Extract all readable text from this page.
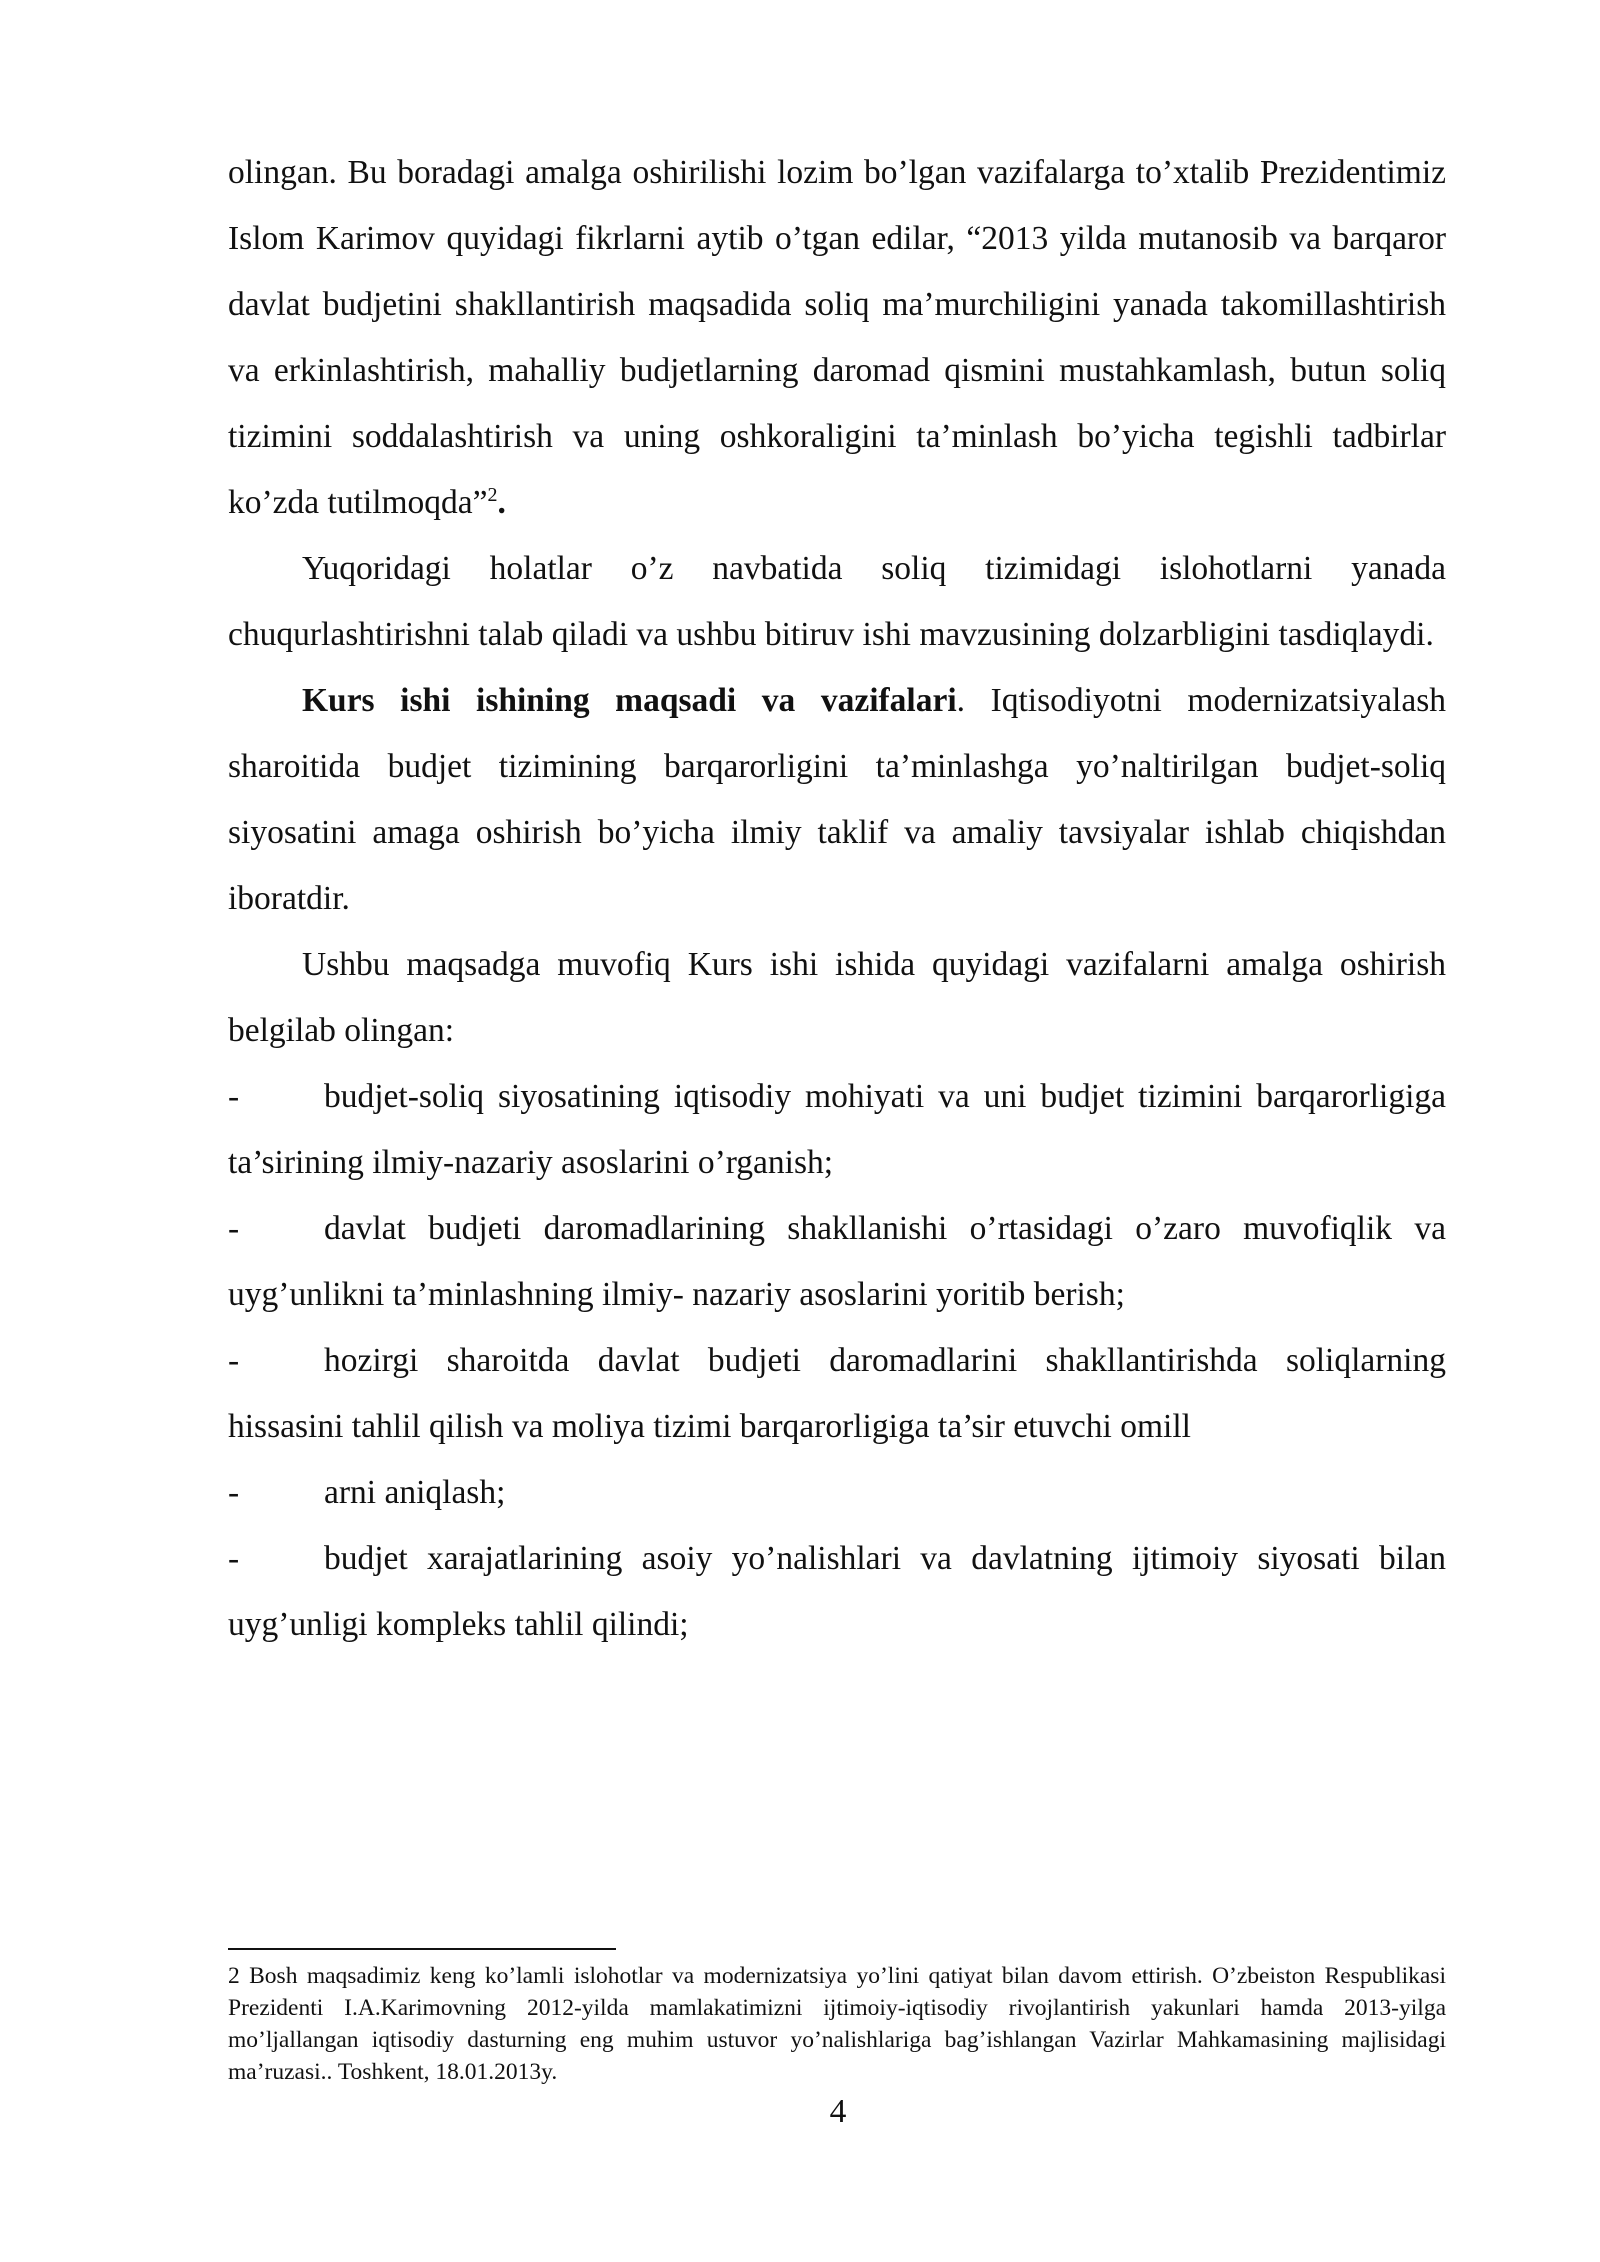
olingan. Bu boradagi amalga oshirilishi lozim bo’lgan vazifalarga to’xtalib Prezidentimiz Islom Karimov quyidagi fikrlarni aytib o’tgan edilar, “2013 yilda mutanosib va barqaror davlat budjetini shakllantirish maqsadida soliq ma’murchiligini yanada takomillashtirish va erkinlashtirish, mahalliy budjetlarning daromad qismini mustahkamlash, butun soliq tizimini soddalashtirish va uning oshkoraligini ta’minlash bo’yicha tegishli tadbirlar ko’zda tutilmoqda”$^2$.

Yuqoridagi holatlar o’z navbatida soliq tizimidagi islohotlarni yanada chuqurlashtirishni talab qiladi va ushbu bitiruv ishi mavzusining dolzarbligini tasdiqlaydi.

Kurs ishi ishining maqsadi va vazifalari. Iqtisodiyotni modernizatsiyalash sharoitida budjet tizimining barqarorligini ta’minlashga yo’naltirilgan budjet-soliq siyosatini amaga oshirish bo’yicha ilmiy taklif va amaliy tavsiyalar ishlab chiqishdan iboratdir.

Ushbu maqsadga muvofiq Kurs ishi ishida quyidagi vazifalarni amalga oshirish belgilab olingan:

-	budjet-soliq siyosatining iqtisodiy mohiyati va uni budjet tizimini barqarorligiga ta’sirining ilmiy-nazariy asoslarini o’rganish;

-	davlat budjeti daromadlarining shakllanishi o’rtasidagi o’zaro muvofiqlik va uyg’unlikni ta’minlashning ilmiy- nazariy asoslarini yoritib berish;

-	hozirgi sharoitda davlat budjeti daromadlarini shakllantirishda soliqlarning hissasini tahlil qilish va moliya tizimi barqarorligiga ta’sir etuvchi omill

-	arni aniqlash;

-	budjet xarajatlarining asoiy yo’nalishlari va davlatning ijtimoiy siyosati bilan uyg’unligi kompleks tahlil qilindi;

2 Bosh maqsadimiz keng ko’lamli islohotlar va modernizatsiya yo’lini qatiyat bilan davom ettirish. O’zbeiston Respublikasi Prezidenti I.A.Karimovning 2012-yilda mamlakatimizni ijtimoiy-iqtisodiy rivojlantirish yakunlari hamda 2013-yilga mo’ljallangan iqtisodiy dasturning eng muhim ustuvor yo’nalishlariga bag’ishlangan Vazirlar Mahkamasining majlisidagi ma’ruzasi.. Toshkent, 18.01.2013y.
4
